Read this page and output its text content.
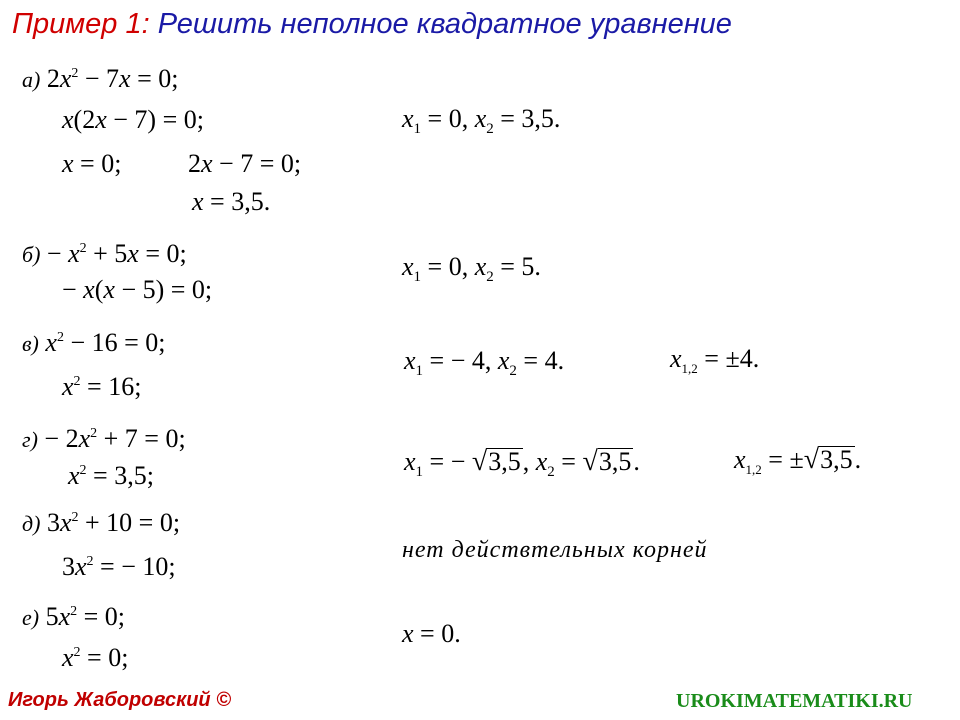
Пример 1: Решить неполное квадратное уравнение
а) $2x^2 - 7x = 0$;
x(2x − 7) = 0;
x = 0;	2x − 7 = 0;
x = 3,5.
$x_1 = 0$, $x_2 = 3,5$.
$б) - x^2 + 5x = 0$;
− x(x − 5) = 0;
$x_1 = 0$, $x_2 = 5$.
в) $x^2 - 16 = 0$;
$x^2 = 16$;
$x_1$ = − 4, $x_2 = 4$.	$x_{1,2} = \pm 4$.
$г) - 2x^2 + 7 = 0$;
$x^2 = 3,5$;	$x_1$ = − √3,5, $x_2 = √3,5$.	$x_{1,2} = \pm√3,5$.
д) $3x^2 + 10 = 0$;
$3x^2$ = − 10;
нет действтельных корней
е) $5x^2 = 0$;
$x^2 = 0$;
x = 0.
Игорь Жаборовский ©	UROKIMATEMATIKI.RU
